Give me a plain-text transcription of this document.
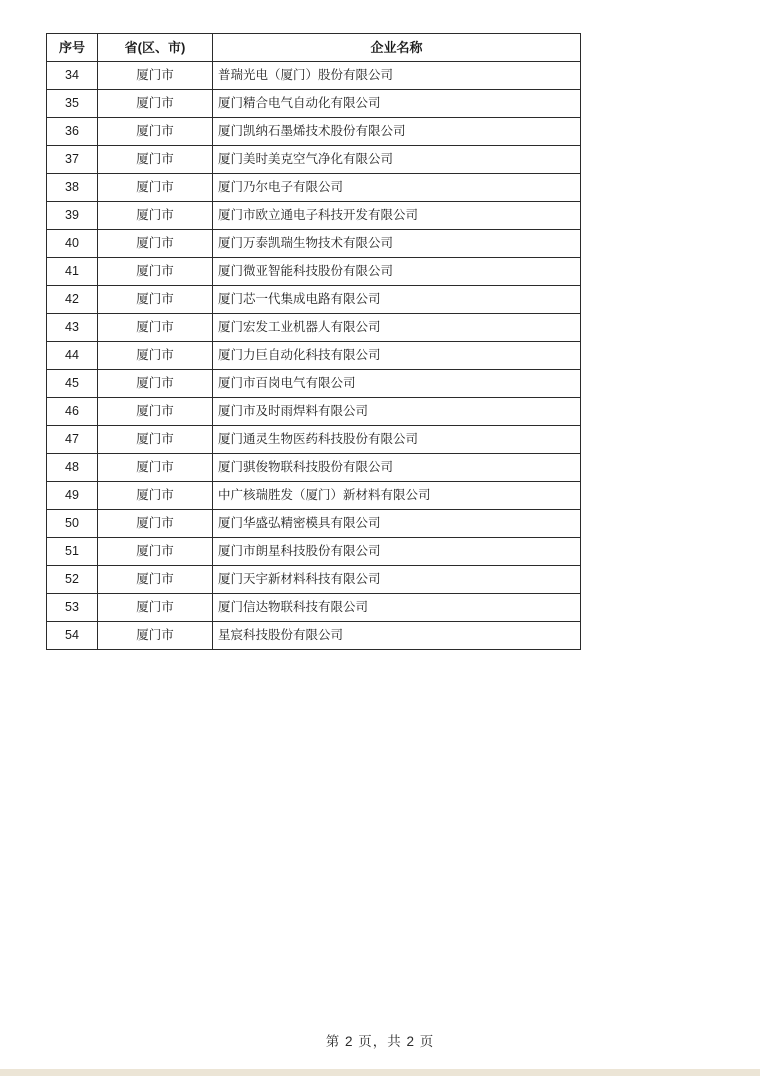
序号	省(区、市)	企业名称
34	厦门市	普瑞光电（厦门）股份有限公司
35	厦门市	厦门精合电气自动化有限公司
36	厦门市	厦门凯纳石墨烯技术股份有限公司
37	厦门市	厦门美时美克空气净化有限公司
38	厦门市	厦门乃尔电子有限公司
39	厦门市	厦门市欧立通电子科技开发有限公司
40	厦门市	厦门万泰凯瑞生物技术有限公司
41	厦门市	厦门微亚智能科技股份有限公司
42	厦门市	厦门芯一代集成电路有限公司
43	厦门市	厦门宏发工业机器人有限公司
44	厦门市	厦门力巨自动化科技有限公司
45	厦门市	厦门市百岗电气有限公司
46	厦门市	厦门市及时雨焊料有限公司
47	厦门市	厦门通灵生物医药科技股份有限公司
48	厦门市	厦门骐俊物联科技股份有限公司
49	厦门市	中广核瑞胜发（厦门）新材料有限公司
50	厦门市	厦门华盛弘精密模具有限公司
51	厦门市	厦门市朗星科技股份有限公司
52	厦门市	厦门天宇新材料科技有限公司
53	厦门市	厦门信达物联科技有限公司
54	厦门市	星宸科技股份有限公司
第 2 页，共 2 页
